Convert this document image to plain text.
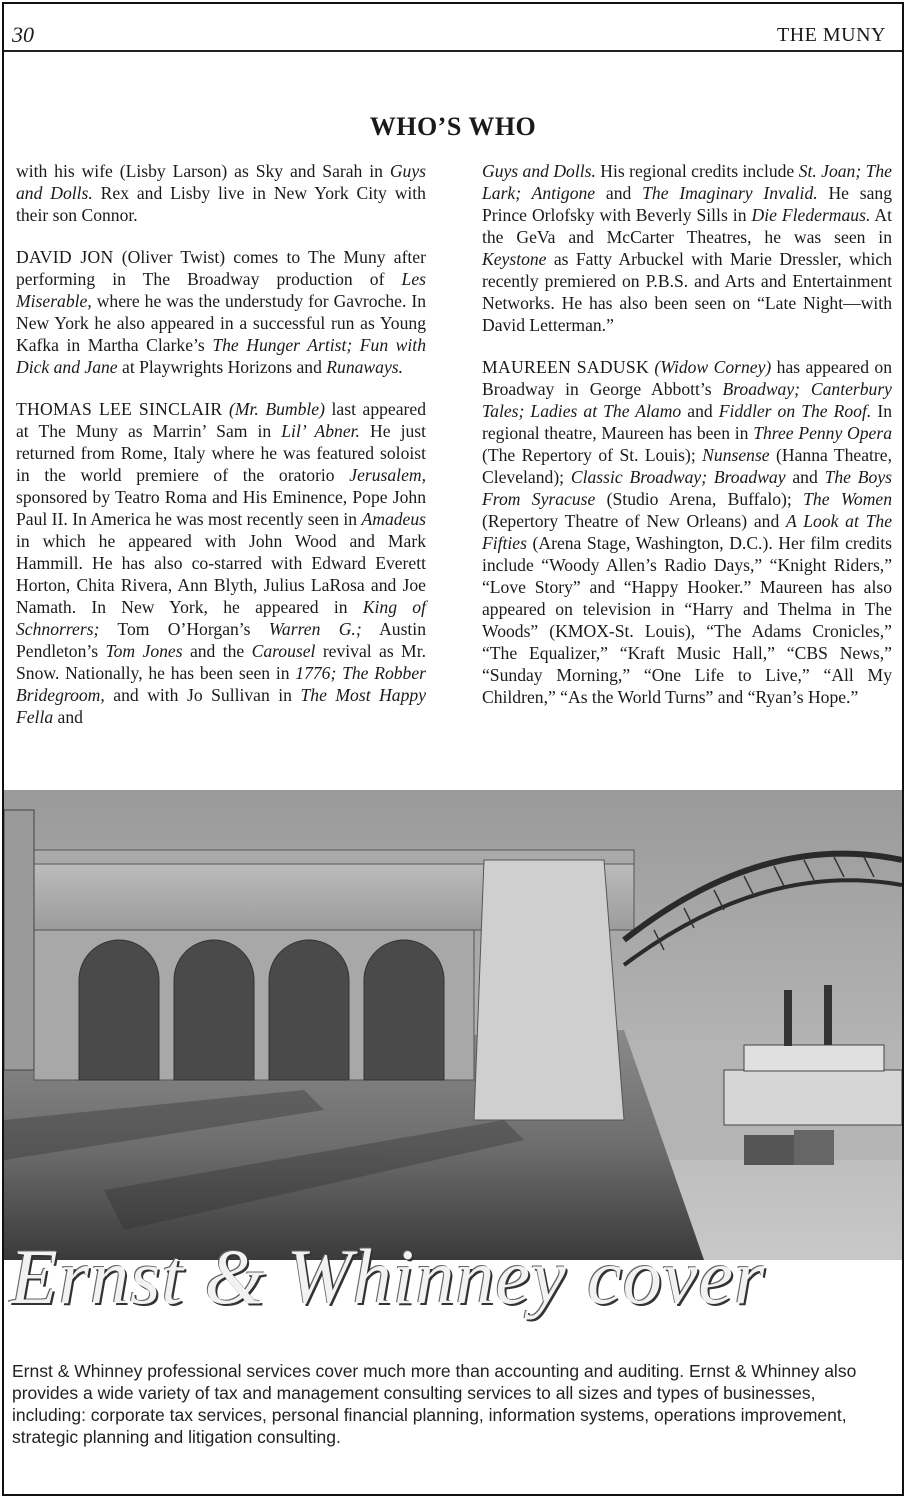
30	THE MUNY
WHO’S WHO

with his wife (Lisby Larson) as Sky and Sarah in Guys and Dolls. Rex and Lisby live in New York City with their son Connor.

DAVID JON (Oliver Twist) comes to The Muny after performing in The Broadway production of Les Miserable, where he was the understudy for Gavroche. In New York he also appeared in a successful run as Young Kafka in Martha Clarke’s The Hunger Artist; Fun with Dick and Jane at Playwrights Horizons and Runaways.

THOMAS LEE SINCLAIR (Mr. Bumble) last appeared at The Muny as Marrin’ Sam in Lil’ Abner. He just returned from Rome, Italy where he was featured soloist in the world premiere of the oratorio Jerusalem, sponsored by Teatro Roma and His Eminence, Pope John Paul II. In America he was most recently seen in Amadeus in which he appeared with John Wood and Mark Hammill. He has also co-starred with Edward Everett Horton, Chita Rivera, Ann Blyth, Julius LaRosa and Joe Namath. In New York, he appeared in King of Schnorrers; Tom O’Horgan’s Warren G.; Austin Pendleton’s Tom Jones and the Carousel revival as Mr. Snow. Nationally, he has been seen in 1776; The Robber Bridegroom, and with Jo Sullivan in The Most Happy Fella and

Guys and Dolls. His regional credits include St. Joan; The Lark; Antigone and The Imaginary Invalid. He sang Prince Orlofsky with Beverly Sills in Die Fledermaus. At the GeVa and McCarter Theatres, he was seen in Keystone as Fatty Arbuckel with Marie Dressler, which recently premiered on P.B.S. and Arts and Entertainment Networks. He has also been seen on “Late Night—with David Letterman.”

MAUREEN SADUSK (Widow Corney) has appeared on Broadway in George Abbott’s Broadway; Canterbury Tales; Ladies at The Alamo and Fiddler on The Roof. In regional theatre, Maureen has been in Three Penny Opera (The Repertory of St. Louis); Nunsense (Hanna Theatre, Cleveland); Classic Broadway; Broadway and The Boys From Syracuse (Studio Arena, Buffalo); The Women (Repertory Theatre of New Orleans) and A Look at The Fifties (Arena Stage, Washington, D.C.). Her film credits include “Woody Allen’s Radio Days,” “Knight Riders,” “Love Story” and “Happy Hooker.” Maureen has also appeared on television in “Harry and Thelma in The Woods” (KMOX-St. Louis), “The Adams Cronicles,” “The Equalizer,” “Kraft Music Hall,” “CBS News,” “Sunday Morning,” “One Life to Live,” “All My Children,” “As the World Turns” and “Ryan’s Hope.”

Ernst & Whinney cover
Ernst & Whinney professional services cover much more than accounting and auditing. Ernst & Whinney also provides a wide variety of tax and management consulting services to all sizes and types of businesses, including: corporate tax services, personal financial planning, information systems, operations improvement, strategic planning and litigation consulting.
